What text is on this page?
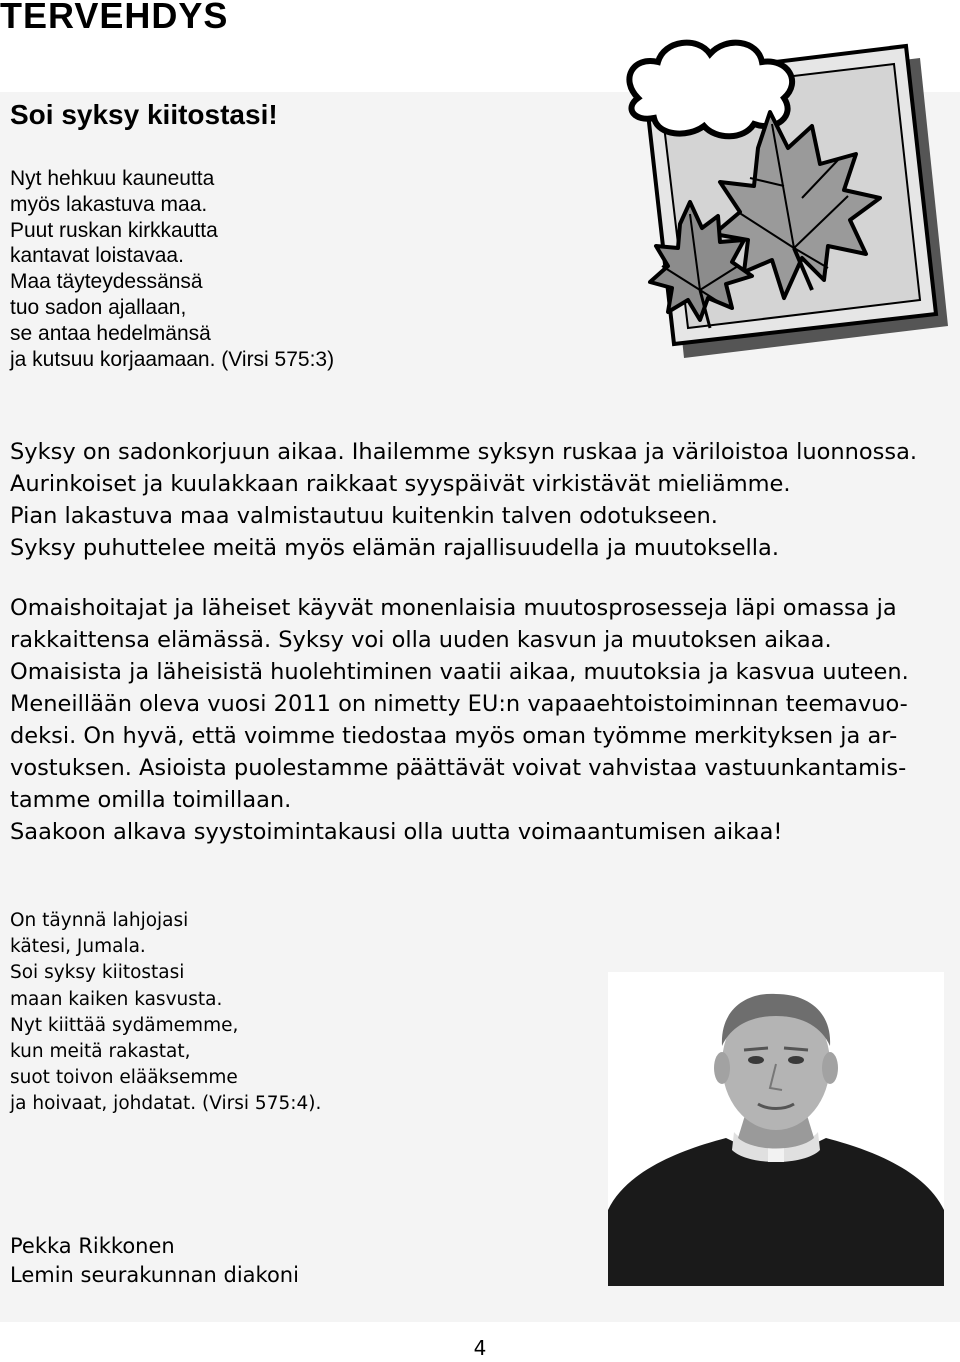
TERVEHDYS
Soi syksy kiitostasi!
Nyt hehkuu kauneutta
myös lakastuva maa.
Puut ruskan kirkkautta
kantavat loistavaa.
Maa täyteydessänsä
tuo sadon ajallaan,
se antaa hedelmänsä
ja kutsuu korjaamaan. (Virsi 575:3)

Syksy on sadonkorjuun aikaa. Ihailemme syksyn ruskaa ja väriloistoa luonnossa.
Aurinkoiset ja kuulakkaan raikkaat syyspäivät virkistävät mieliämme.
Pian lakastuva maa valmistautuu kuitenkin talven odotukseen.
Syksy puhuttelee meitä myös elämän rajallisuudella ja muutoksella.

Omaishoitajat ja läheiset käyvät monenlaisia muutosprosesseja läpi omassa ja
rakkaittensa elämässä. Syksy voi olla uuden kasvun ja muutoksen aikaa.
Omaisista ja läheisistä huolehtiminen vaatii aikaa, muutoksia ja kasvua uuteen.
Meneillään oleva vuosi 2011 on nimetty EU:n vapaaehtoistoiminnan teemavuo-
deksi. On hyvä, että voimme tiedostaa myös oman työmme merkityksen ja ar-
vostuksen. Asioista puolestamme päättävät voivat vahvistaa vastuunkantamis-
tamme omilla toimillaan.
Saakoon alkava syystoimintakausi olla uutta voimaantumisen aikaa!

On täynnä lahjojasi
kätesi, Jumala.
Soi syksy kiitostasi
maan kaiken kasvusta.
Nyt kiittää sydämemme,
kun meitä rakastat,
suot toivon elääksemme
ja hoivaat, johdatat. (Virsi 575:4).
Pekka Rikkonen
Lemin seurakunnan diakoni
4
